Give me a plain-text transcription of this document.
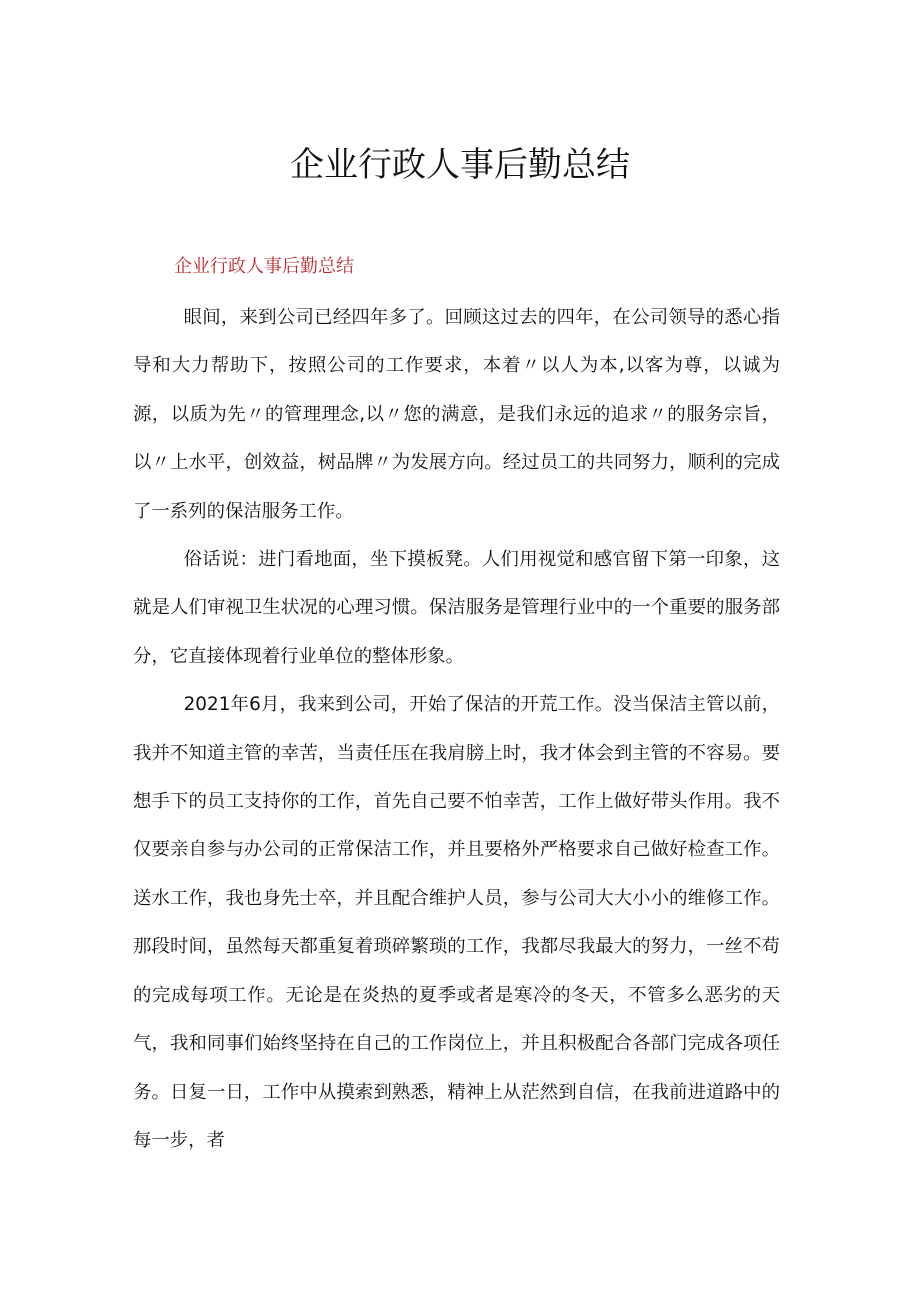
企业行政人事后勤总结

企业行政人事后勤总结

眼间，来到公司已经四年多了。回顾这过去的四年，在公司领导的悉心指导和大力帮助下，按照公司的工作要求，本着〃以人为本,以客为尊，以诚为源，以质为先〃的管理理念,以〃您的满意，是我们永远的追求〃的服务宗旨，以〃上水平，创效益，树品牌〃为发展方向。经过员工的共同努力，顺利的完成了一系列的保洁服务工作。

俗话说：进门看地面，坐下摸板凳。人们用视觉和感官留下第一印象，这就是人们审视卫生状况的心理习惯。保洁服务是管理行业中的一个重要的服务部分，它直接体现着行业单位的整体形象。

2021年6月，我来到公司，开始了保洁的开荒工作。没当保洁主管以前，我并不知道主管的幸苦，当责任压在我肩膀上时，我才体会到主管的不容易。要想手下的员工支持你的工作，首先自己要不怕幸苦，工作上做好带头作用。我不仅要亲自参与办公司的正常保洁工作，并且要格外严格要求自己做好检查工作。送水工作，我也身先士卒，并且配合维护人员，参与公司大大小小的维修工作。那段时间，虽然每天都重复着琐碎繁琐的工作，我都尽我最大的努力，一丝不苟的完成每项工作。无论是在炎热的夏季或者是寒冷的冬天，不管多么恶劣的天气，我和同事们始终坚持在自己的工作岗位上，并且积极配合各部门完成各项任务。日复一日，工作中从摸索到熟悉，精神上从茫然到自信，在我前进道路中的每一步，者
